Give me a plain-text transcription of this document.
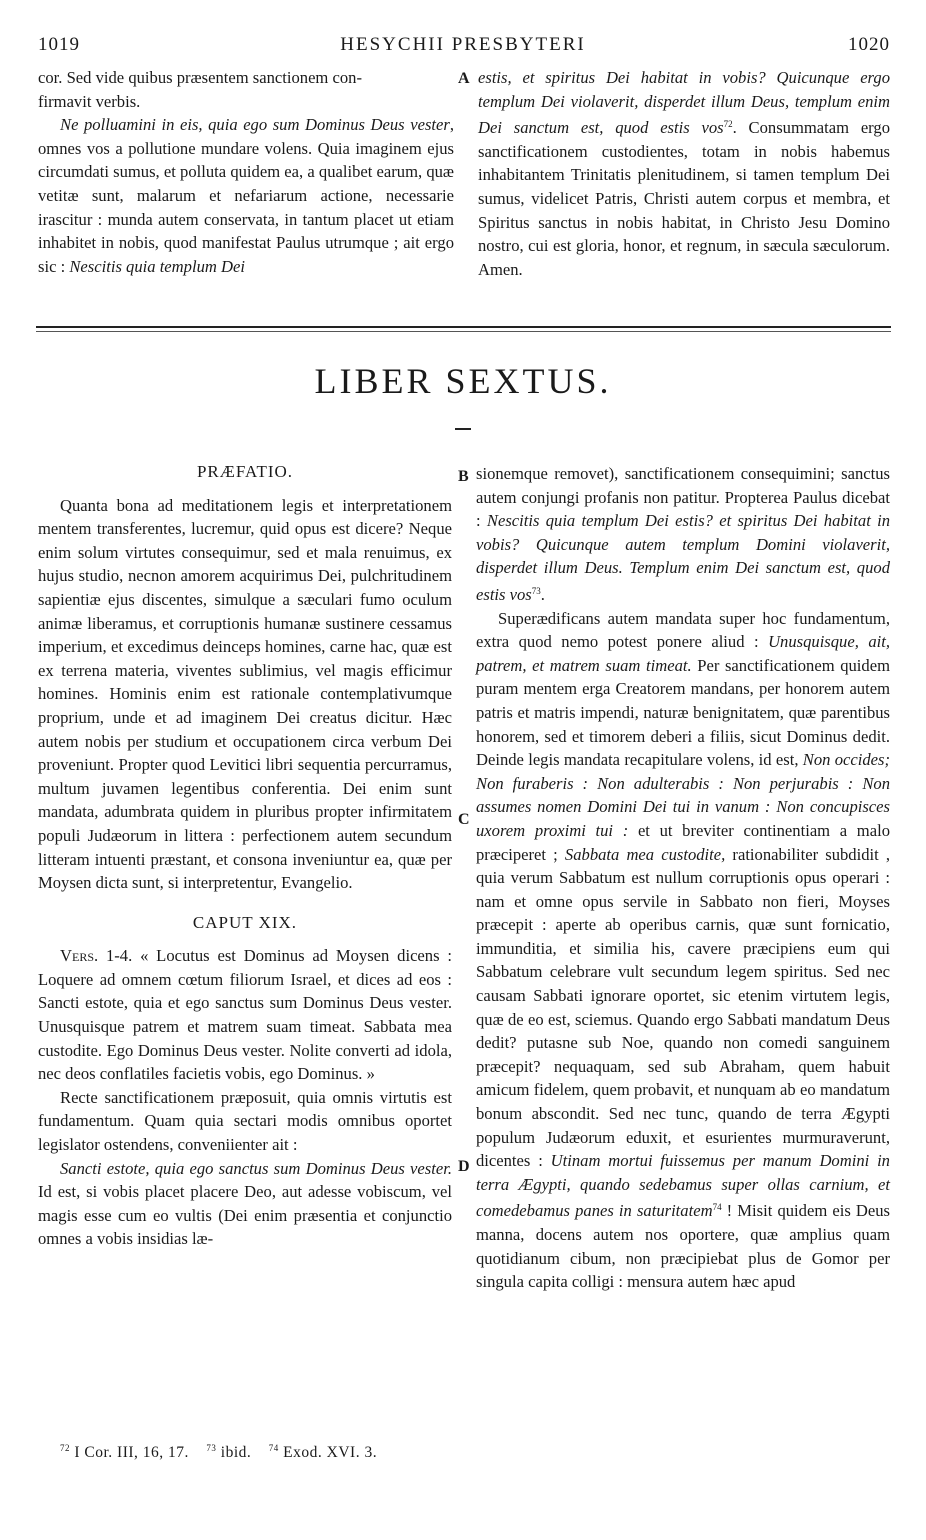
1019	HESYCHII PRESBYTERI	1020

cor. Sed vide quibus præsentem sanctionem con-

firmavit verbis.

Ne polluamini in eis, quia ego sum Dominus Deus vester, omnes vos a pollutione mundare volens. Quia imaginem ejus circumdati sumus, et polluta quidem ea, a qualibet earum, quæ vetitæ sunt, malarum et nefariarum actione, necessarie irascitur : munda autem conservata, in tantum placet ut etiam inhabitet in nobis, quod manifestat Paulus utrumque ; ait ergo sic : Nescitis quia templum Dei

A estis, et spiritus Dei habitat in vobis? Quicunque ergo templum Dei violaverit, disperdet illum Deus, templum enim Dei sanctum est, quod estis vos$^{72}$. Consummatam ergo sanctificationem custodientes, totam in nobis habemus inhabitantem Trinitatis plenitudinem, si tamen templum Dei sumus, videlicet Patris, Christi autem corpus et membra, et Spiritus sanctus in nobis habitat, in Christo Jesu Domino nostro, cui est gloria, honor, et regnum, in sæcula sæculorum. Amen.

LIBER SEXTUS.

PRÆFATIO.

Quanta bona ad meditationem legis et interpretationem mentem transferentes, lucremur, quid opus est dicere? Neque enim solum virtutes consequimur, sed et mala renuimus, ex hujus studio, necnon amorem acquirimus Dei, pulchritudinem sapientiæ ejus discentes, simulque a sæculari fumo oculum animæ liberamus, et corruptionis humanæ sustinere cessamus imperium, et excedimus deinceps homines, carne hac, quæ est ex terrena materia, viventes sublimius, vel magis efficimur homines. Hominis enim est rationale contemplativumque proprium, unde et ad imaginem Dei creatus dicitur. Hæc autem nobis per studium et occupationem circa verbum Dei proveniunt. Propter quod Levitici libri sequentia percurramus, multum juvamen legentibus conferentia. Dei enim sunt mandata, adumbrata quidem in pluribus propter infirmitatem populi Judæorum in littera : perfectionem autem secundum litteram intuenti præstant, et consona inveniuntur ea, quæ per Moysen dicta sunt, si interpretentur, Evangelio.

CAPUT XIX.

Vers. 1-4. « Locutus est Dominus ad Moysen dicens : Loquere ad omnem cœtum filiorum Israel, et dices ad eos : Sancti estote, quia et ego sanctus sum Dominus Deus vester. Unusquisque patrem et matrem suam timeat. Sabbata mea custodite. Ego Dominus Deus vester. Nolite converti ad idola, nec deos conflatiles facietis vobis, ego Dominus. »

Recte sanctificationem præposuit, quia omnis virtutis est fundamentum. Quam quia sectari modis omnibus oportet legislator ostendens, conveniienter ait :

Sancti estote, quia ego sanctus sum Dominus Deus vester. Id est, si vobis placet placere Deo, aut adesse vobiscum, vel magis esse cum eo vultis (Dei enim præsentia et conjunctio omnes a vobis insidias læ-

B
C
D

sionemque removet), sanctificationem consequimini; sanctus autem conjungi profanis non patitur. Propterea Paulus dicebat : Nescitis quia templum Dei estis? et spiritus Dei habitat in vobis? Quicunque autem templum Domini violaverit, disperdet illum Deus. Templum enim Dei sanctum est, quod estis vos$^{73}$.

Superædificans autem mandata super hoc fundamentum, extra quod nemo potest ponere aliud : Unusquisque, ait, patrem, et matrem suam timeat. Per sanctificationem quidem puram mentem erga Creatorem mandans, per honorem autem patris et matris impendi, naturæ benignitatem, quæ parentibus honorem, sed et timorem deberi a filiis, sicut Dominus dedit. Deinde legis mandata recapitulare volens, id est, Non occides; Non furaberis : Non adulterabis : Non perjurabis : Non assumes nomen Domini Dei tui in vanum : Non concupisces uxorem proximi tui : et ut breviter continentiam a malo præciperet ; Sabbata mea custodite, rationabiliter subdidit , quia verum Sabbatum est nullum corruptionis opus operari : nam et omne opus servile in Sabbato non fieri, Moyses præcepit : aperte ab operibus carnis, quæ sunt fornicatio, immunditia, et similia his, cavere præcipiens eum qui Sabbatum celebrare vult secundum legem spiritus. Sed nec causam Sabbati ignorare oportet, sic etenim virtutem legis, quæ de eo est, sciemus. Quando ergo Sabbati mandatum Deus dedit? putasne sub Noe, quando non comedi sanguinem præcepit? nequaquam, sed sub Abraham, quem habuit amicum fidelem, quem probavit, et nunquam ab eo mandatum bonum abscondit. Sed nec tunc, quando de terra Ægypti populum Judæorum eduxit, et esurientes murmuraverunt, dicentes : Utinam mortui fuissemus per manum Domini in terra Ægypti, quando sedebamus super ollas carnium, et comedebamus panes in saturitatem$^{74}$ ! Misit quidem eis Deus manna, docens autem nos oportere, quæ amplius quam quotidianum cibum, non præcipiebat plus de Gomor per singula capita colligi : mensura autem hæc apud

$^{72}$ I Cor. III, 16, 17. $^{73}$ ibid. $^{74}$ Exod. XVI. 3.
